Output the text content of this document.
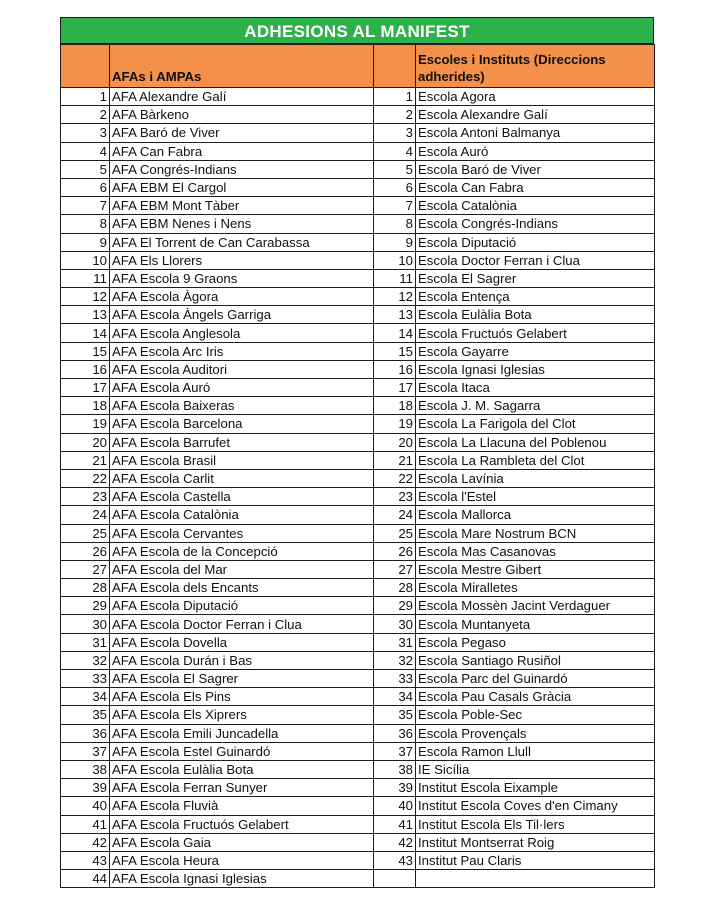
ADHESIONS AL MANIFEST
	AFAs i AMPAs		Escoles i Instituts (Direccions adherides)
1	AFA Alexandre Galí	1	Escola Agora
2	AFA Bàrkeno	2	Escola Alexandre Galí
3	AFA Baró de Viver	3	Escola Antoni Balmanya
4	AFA Can Fabra	4	Escola Auró
5	AFA Congrés-Indians	5	Escola Baró de Viver
6	AFA EBM El Cargol	6	Escola Can Fabra
7	AFA EBM Mont Tàber	7	Escola Catalònia
8	AFA EBM Nenes i Nens	8	Escola Congrés-Indians
9	AFA El Torrent de Can Carabassa	9	Escola Diputació
10	AFA Els Llorers	10	Escola Doctor Ferran i Clua
11	AFA Escola 9 Graons	11	Escola El Sagrer
12	AFA Escola Àgora	12	Escola Entença
13	AFA Escola Àngels Garriga	13	Escola Eulàlia Bota
14	AFA Escola Anglesola	14	Escola Fructuós Gelabert
15	AFA Escola Arc Iris	15	Escola Gayarre
16	AFA Escola Auditori	16	Escola Ignasi Iglesias
17	AFA Escola Auró	17	Escola Itaca
18	AFA Escola Baixeras	18	Escola J. M. Sagarra
19	AFA Escola Barcelona	19	Escola La Farigola del Clot
20	AFA Escola Barrufet	20	Escola La Llacuna del Poblenou
21	AFA Escola Brasil	21	Escola La Rambleta del Clot
22	AFA Escola Carlit	22	Escola Lavínia
23	AFA Escola Castella	23	Escola l'Estel
24	AFA Escola Catalònia	24	Escola Mallorca
25	AFA Escola Cervantes	25	Escola Mare Nostrum BCN
26	AFA Escola de la Concepció	26	Escola Mas Casanovas
27	AFA Escola del Mar	27	Escola Mestre Gibert
28	AFA Escola dels Encants	28	Escola Miralletes
29	AFA Escola Diputació	29	Escola Mossèn Jacint Verdaguer
30	AFA Escola Doctor Ferran i Clua	30	Escola Muntanyeta
31	AFA Escola Dovella	31	Escola Pegaso
32	AFA Escola Durán i Bas	32	Escola Santiago Rusiñol
33	AFA Escola El Sagrer	33	Escola Parc del Guinardó
34	AFA Escola Els Pins	34	Escola Pau Casals Gràcia
35	AFA Escola Els Xiprers	35	Escola Poble-Sec
36	AFA Escola Emili Juncadella	36	Escola Provençals
37	AFA Escola Estel Guinardó	37	Escola Ramon Llull
38	AFA Escola Eulàlia Bota	38	IE Sicília
39	AFA Escola Ferran Sunyer	39	Institut Escola Eixample
40	AFA Escola Fluvià	40	Institut Escola Coves d'en Cimany
41	AFA Escola Fructuós Gelabert	41	Institut Escola Els Til·lers
42	AFA Escola Gaia	42	Institut Montserrat Roig
43	AFA Escola Heura	43	Institut Pau Claris
44	AFA Escola Ignasi Iglesias		
